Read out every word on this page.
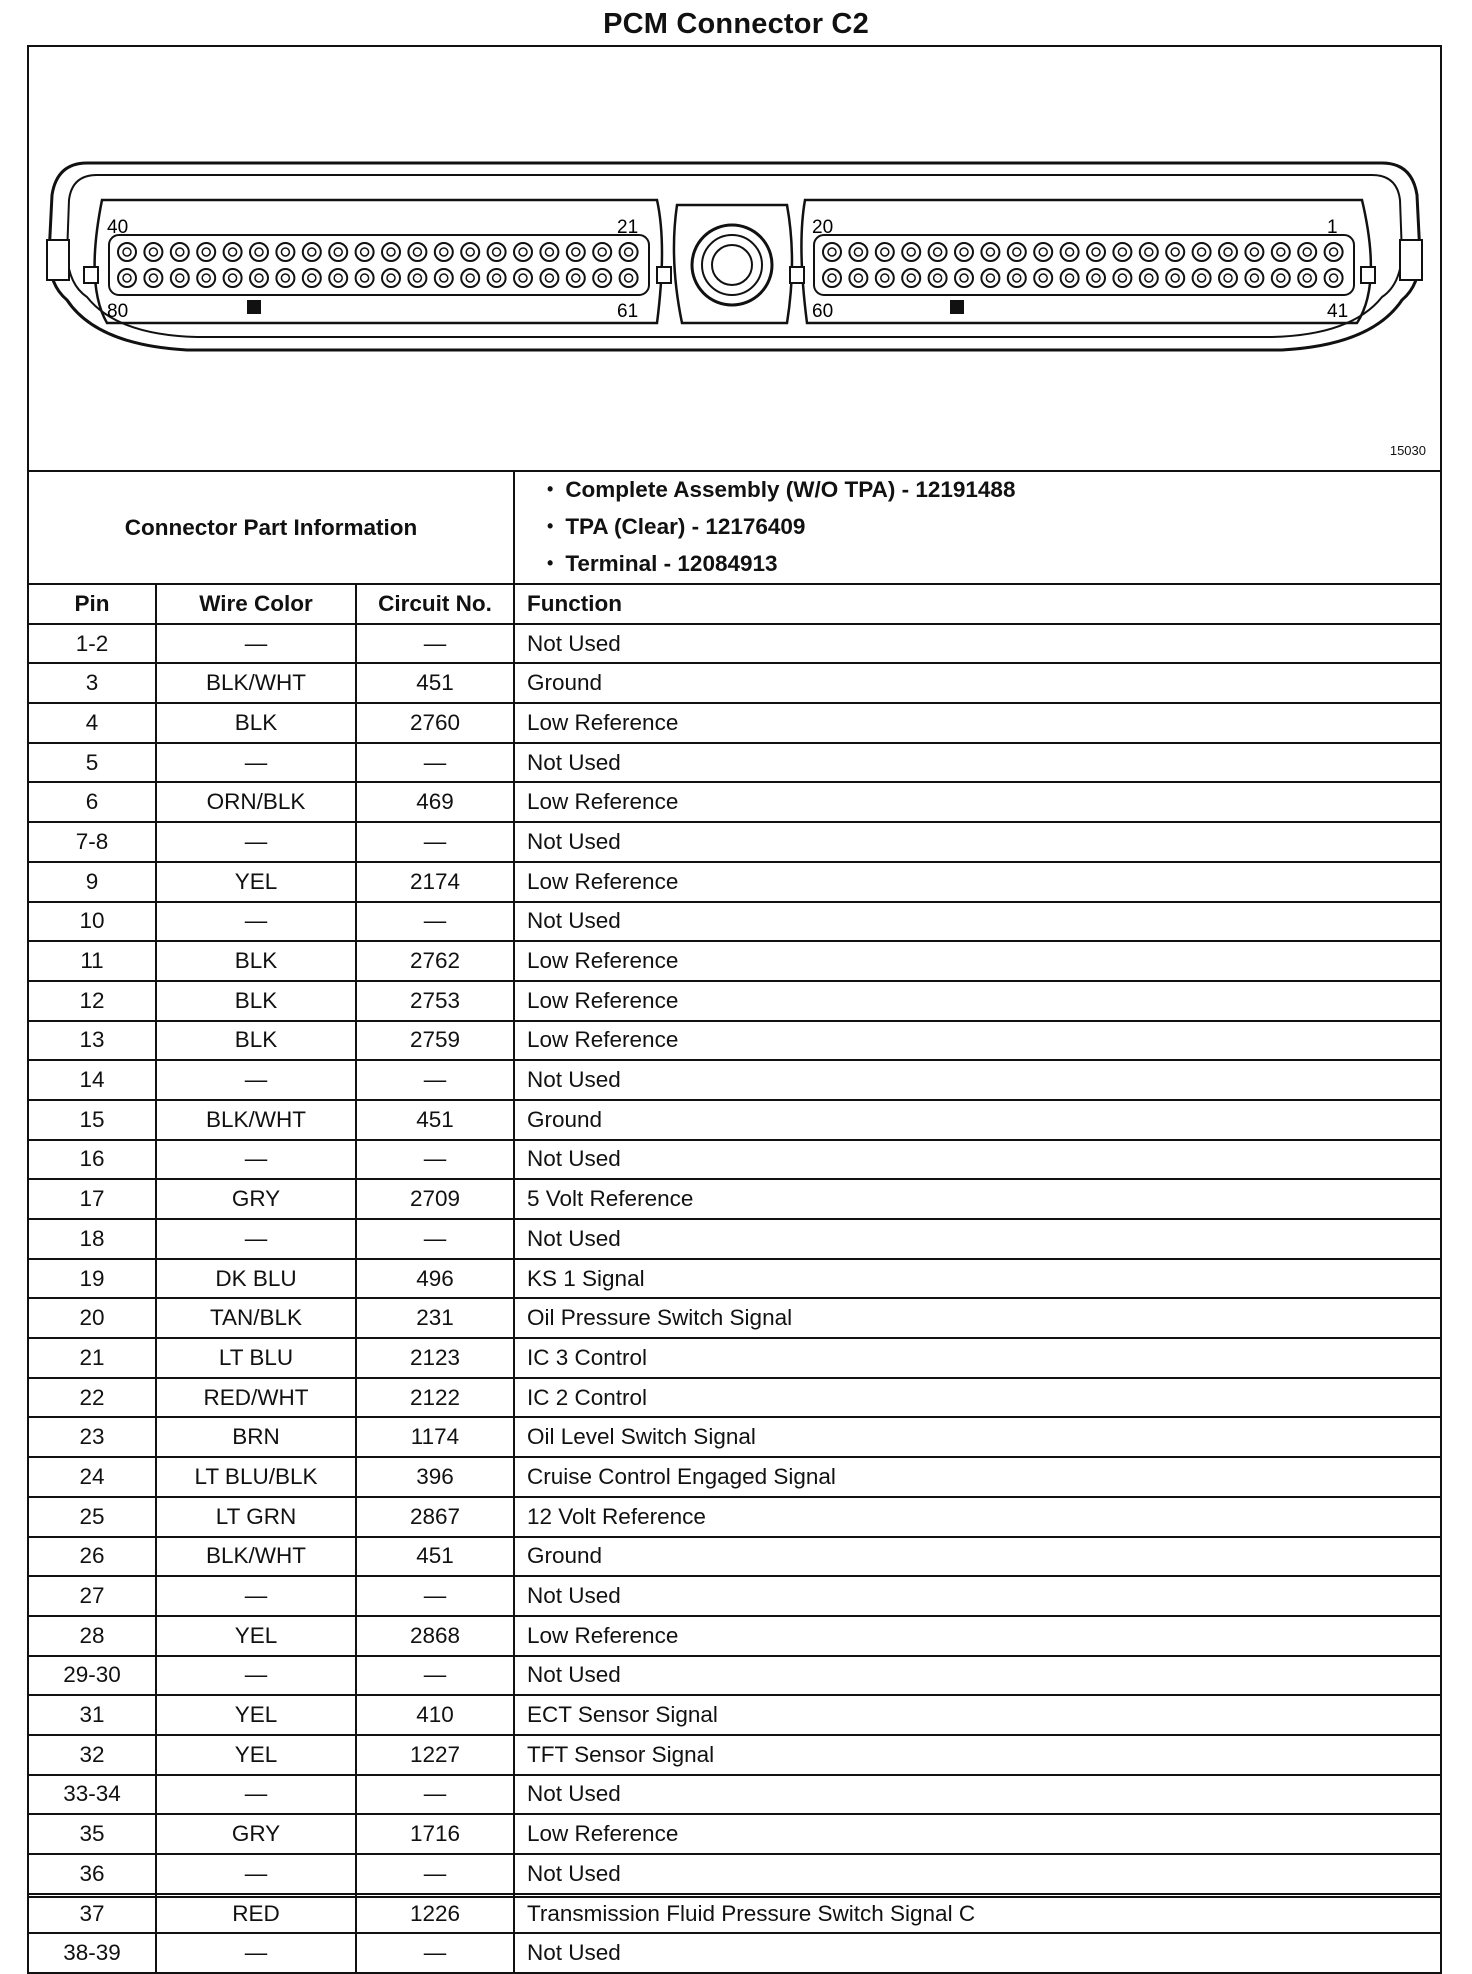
PCM Connector C2
40	21
80	61
20	1
60	41
15030
Connector Part Information			• Complete Assembly (W/O TPA) - 12191488
• TPA (Clear) - 12176409
• Terminal - 12084913

Pin	Wire Color	Circuit No.	Function
1-2	—	—	Not Used
3	BLK/WHT	451	Ground
4	BLK	2760	Low Reference
5	—	—	Not Used
6	ORN/BLK	469	Low Reference
7-8	—	—	Not Used
9	YEL	2174	Low Reference
10	—	—	Not Used
11	BLK	2762	Low Reference
12	BLK	2753	Low Reference
13	BLK	2759	Low Reference
14	—	—	Not Used
15	BLK/WHT	451	Ground
16	—	—	Not Used
17	GRY	2709	5 Volt Reference
18	—	—	Not Used
19	DK BLU	496	KS 1 Signal
20	TAN/BLK	231	Oil Pressure Switch Signal
21	LT BLU	2123	IC 3 Control
22	RED/WHT	2122	IC 2 Control
23	BRN	1174	Oil Level Switch Signal
24	LT BLU/BLK	396	Cruise Control Engaged Signal
25	LT GRN	2867	12 Volt Reference
26	BLK/WHT	451	Ground
27	—	—	Not Used
28	YEL	2868	Low Reference
29-30	—	—	Not Used
31	YEL	410	ECT Sensor Signal
32	YEL	1227	TFT Sensor Signal
33-34	—	—	Not Used
35	GRY	1716	Low Reference
36	—	—	Not Used
37	RED	1226	Transmission Fluid Pressure Switch Signal C
38-39	—	—	Not Used
